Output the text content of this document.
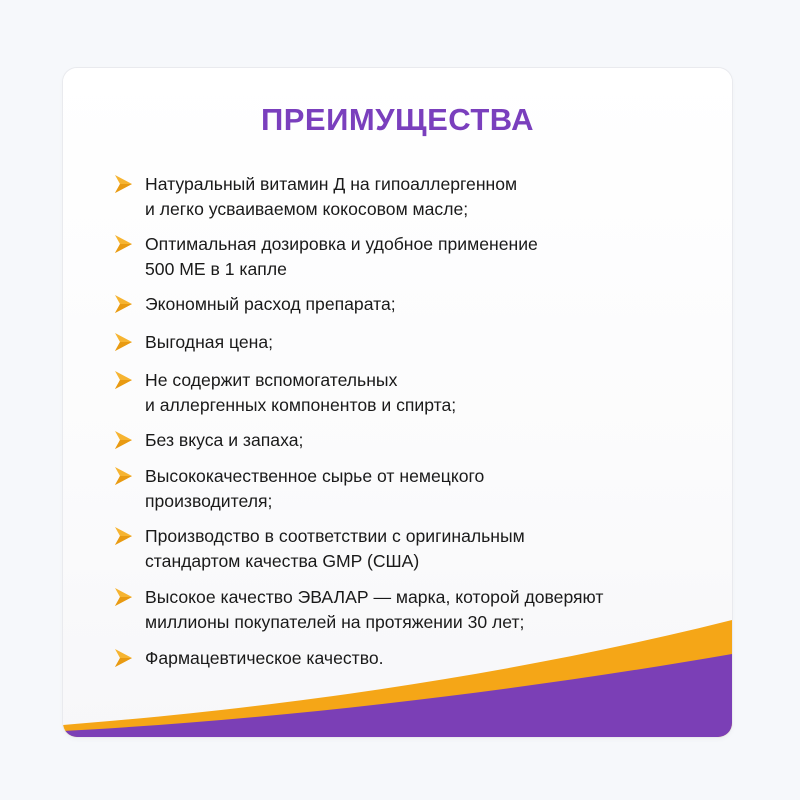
ПРЕИМУЩЕСТВА
Натуральный витамин Д на гипоаллергенном
и легко усваиваемом кокосовом масле;
Оптимальная дозировка и удобное применение
500 МЕ в 1 капле
Экономный расход препарата;
Выгодная цена;
Не содержит вспомогательных
и аллергенных компонентов и спирта;
Без вкуса и запаха;
Высококачественное сырье от немецкого
производителя;
Производство в соответствии с оригинальным
стандартом качества GMP (США)
Высокое качество ЭВАЛАР — марка, которой доверяют
миллионы покупателей на протяжении 30 лет;
Фармацевтическое качество.
